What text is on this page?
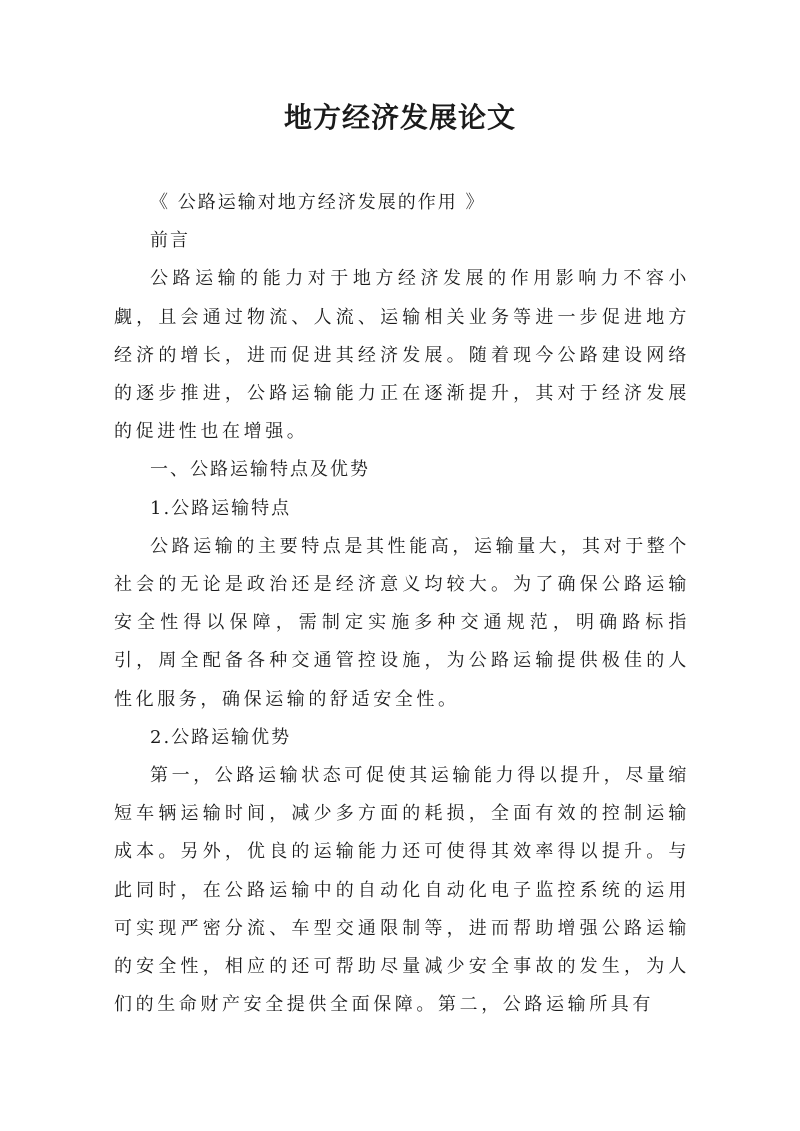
地方经济发展论文

《 公路运输对地方经济发展的作用 》

前言

公路运输的能力对于地方经济发展的作用影响力不容小觑，且会通过物流、人流、运输相关业务等进一步促进地方经济的增长，进而促进其经济发展。随着现今公路建设网络的逐步推进，公路运输能力正在逐渐提升，其对于经济发展的促进性也在增强。

一、公路运输特点及优势

1.公路运输特点

公路运输的主要特点是其性能高，运输量大，其对于整个社会的无论是政治还是经济意义均较大。为了确保公路运输安全性得以保障，需制定实施多种交通规范，明确路标指引，周全配备各种交通管控设施，为公路运输提供极佳的人性化服务，确保运输的舒适安全性。

2.公路运输优势

第一，公路运输状态可促使其运输能力得以提升，尽量缩短车辆运输时间，减少多方面的耗损，全面有效的控制运输成本。另外，优良的运输能力还可使得其效率得以提升。与此同时，在公路运输中的自动化自动化电子监控系统的运用可实现严密分流、车型交通限制等，进而帮助增强公路运输的安全性，相应的还可帮助尽量减少安全事故的发生，为人们的生命财产安全提供全面保障。第二，公路运输所具有
